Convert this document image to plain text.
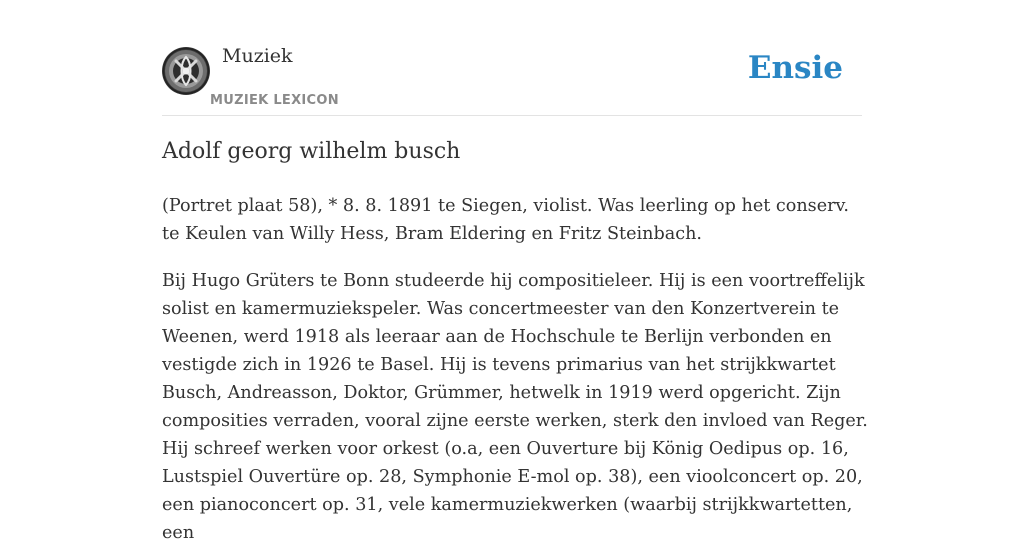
Muziek
MUZIEK LEXICON
Ensie
Adolf georg wilhelm busch

(Portret plaat 58), * 8. 8. 1891 te Siegen, violist. Was leerling op het conserv. te Keulen van Willy Hess, Bram Eldering en Fritz Steinbach.

Bij Hugo Grüters te Bonn studeerde hij compositieleer. Hij is een voortreffelijk solist en kamermuziekspeler. Was concertmeester van den Konzertverein te Weenen, werd 1918 als leeraar aan de Hochschule te Berlijn verbonden en vestigde zich in 1926 te Basel. Hij is tevens primarius van het strijkkwartet Busch, Andreasson, Doktor, Grümmer, hetwelk in 1919 werd opgericht. Zijn composities verraden, vooral zijne eerste werken, sterk den invloed van Reger. Hij schreef werken voor orkest (o.a, een Ouverture bij König Oedipus op. 16, Lustspiel Ouvertüre op. 28, Symphonie E-mol op. 38), een vioolconcert op. 20, een pianoconcert op. 31, vele kamermuziekwerken (waarbij strijkkwartetten, een
